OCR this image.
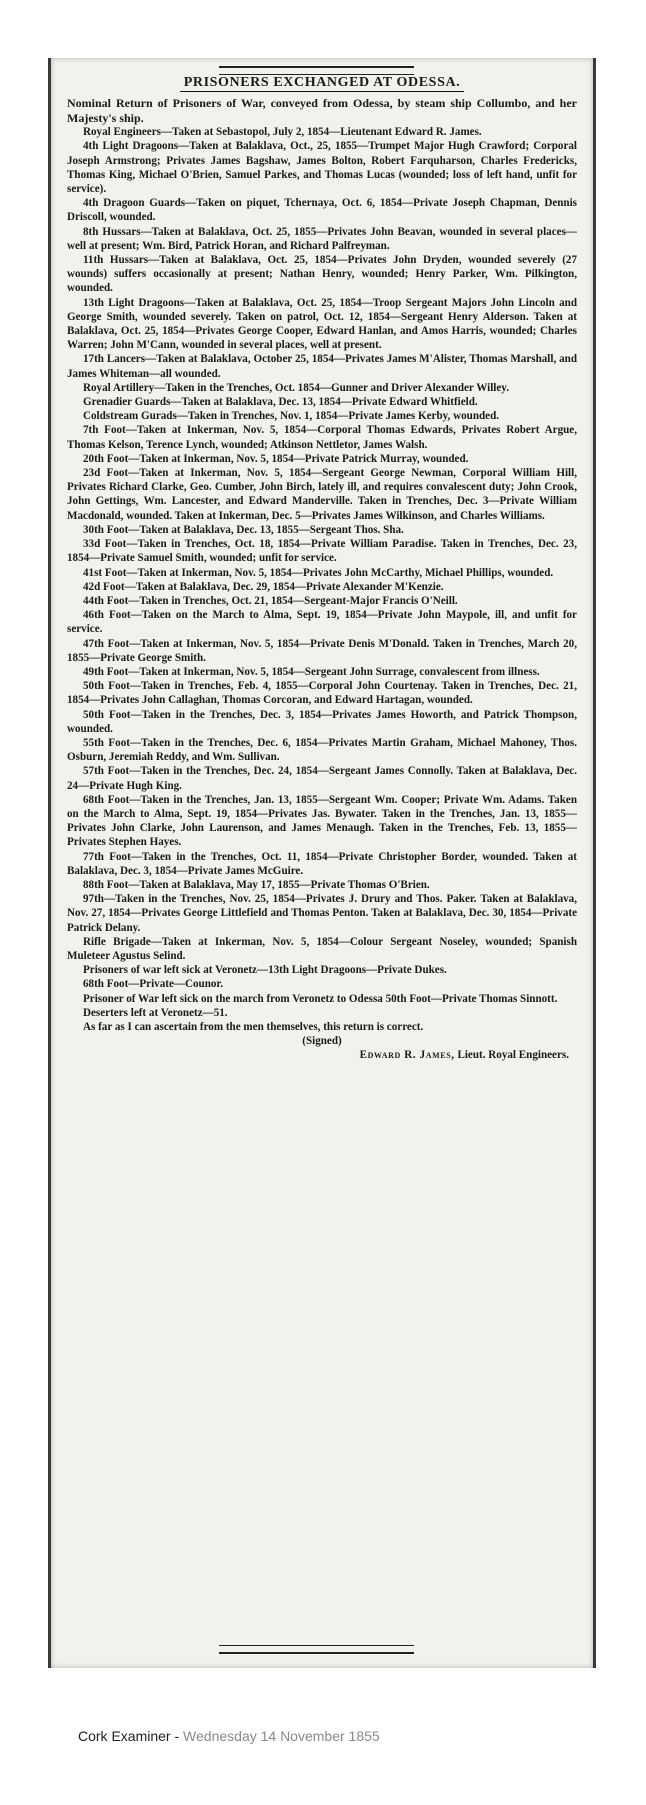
PRISONERS EXCHANGED AT ODESSA.

Nominal Return of Prisoners of War, conveyed from Odessa, by steam ship Collumbo, and her Majesty's ship.

Royal Engineers—Taken at Sebastopol, July 2, 1854—Lieutenant Edward R. James.

4th Light Dragoons—Taken at Balaklava, Oct., 25, 1855—Trumpet Major Hugh Crawford; Corporal Joseph Armstrong; Privates James Bagshaw, James Bolton, Robert Farquharson, Charles Fredericks, Thomas King, Michael O'Brien, Samuel Parkes, and Thomas Lucas (wounded; loss of left hand, unfit for service).

4th Dragoon Guards—Taken on piquet, Tchernaya, Oct. 6, 1854—Private Joseph Chapman, Dennis Driscoll, wounded.

8th Hussars—Taken at Balaklava, Oct. 25, 1855—Privates John Beavan, wounded in several places—well at present; Wm. Bird, Patrick Horan, and Richard Palfreyman.

11th Hussars—Taken at Balaklava, Oct. 25, 1854—Privates John Dryden, wounded severely (27 wounds) suffers occasionally at present; Nathan Henry, wounded; Henry Parker, Wm. Pilkington, wounded.

13th Light Dragoons—Taken at Balaklava, Oct. 25, 1854—Troop Sergeant Majors John Lincoln and George Smith, wounded severely. Taken on patrol, Oct. 12, 1854—Sergeant Henry Alderson. Taken at Balaklava, Oct. 25, 1854—Privates George Cooper, Edward Hanlan, and Amos Harris, wounded; Charles Warren; John M'Cann, wounded in several places, well at present.

17th Lancers—Taken at Balaklava, October 25, 1854—Privates James M'Alister, Thomas Marshall, and James Whiteman—all wounded.

Royal Artillery—Taken in the Trenches, Oct. 1854—Gunner and Driver Alexander Willey.

Grenadier Guards—Taken at Balaklava, Dec. 13, 1854—Private Edward Whitfield.

Coldstream Gurads—Taken in Trenches, Nov. 1, 1854—Private James Kerby, wounded.

7th Foot—Taken at Inkerman, Nov. 5, 1854—Corporal Thomas Edwards, Privates Robert Argue, Thomas Kelson, Terence Lynch, wounded; Atkinson Nettletor, James Walsh.

20th Foot—Taken at Inkerman, Nov. 5, 1854—Private Patrick Murray, wounded.

23d Foot—Taken at Inkerman, Nov. 5, 1854—Sergeant George Newman, Corporal William Hill, Privates Richard Clarke, Geo. Cumber, John Birch, lately ill, and requires convalescent duty; John Crook, John Gettings, Wm. Lancester, and Edward Manderville. Taken in Trenches, Dec. 3—Private William Macdonald, wounded. Taken at Inkerman, Dec. 5—Privates James Wilkinson, and Charles Williams.

30th Foot—Taken at Balaklava, Dec. 13, 1855—Sergeant Thos. Sha.

33d Foot—Taken in Trenches, Oct. 18, 1854—Private William Paradise. Taken in Trenches, Dec. 23, 1854—Private Samuel Smith, wounded; unfit for service.

41st Foot—Taken at Inkerman, Nov. 5, 1854—Privates John McCarthy, Michael Phillips, wounded.

42d Foot—Taken at Balaklava, Dec. 29, 1854—Private Alexander M'Kenzie.

44th Foot—Taken in Trenches, Oct. 21, 1854—Sergeant-Major Francis O'Neill.

46th Foot—Taken on the March to Alma, Sept. 19, 1854—Private John Maypole, ill, and unfit for service.

47th Foot—Taken at Inkerman, Nov. 5, 1854—Private Denis M'Donald. Taken in Trenches, March 20, 1855—Private George Smith.

49th Foot—Taken at Inkerman, Nov. 5, 1854—Sergeant John Surrage, convalescent from illness.

50th Foot—Taken in Trenches, Feb. 4, 1855—Corporal John Courtenay. Taken in Trenches, Dec. 21, 1854—Privates John Callaghan, Thomas Corcoran, and Edward Hartagan, wounded.

50th Foot—Taken in the Trenches, Dec. 3, 1854—Privates James Howorth, and Patrick Thompson, wounded.

55th Foot—Taken in the Trenches, Dec. 6, 1854—Privates Martin Graham, Michael Mahoney, Thos. Osburn, Jeremiah Reddy, and Wm. Sullivan.

57th Foot—Taken in the Trenches, Dec. 24, 1854—Sergeant James Connolly. Taken at Balaklava, Dec. 24—Private Hugh King.

68th Foot—Taken in the Trenches, Jan. 13, 1855—Sergeant Wm. Cooper; Private Wm. Adams. Taken on the March to Alma, Sept. 19, 1854—Privates Jas. Bywater. Taken in the Trenches, Jan. 13, 1855—Privates John Clarke, John Laurenson, and James Menaugh. Taken in the Trenches, Feb. 13, 1855—Privates Stephen Hayes.

77th Foot—Taken in the Trenches, Oct. 11, 1854—Private Christopher Border, wounded. Taken at Balaklava, Dec. 3, 1854—Private James McGuire.

88th Foot—Taken at Balaklava, May 17, 1855—Private Thomas O'Brien.

97th—Taken in the Trenches, Nov. 25, 1854—Privates J. Drury and Thos. Paker. Taken at Balaklava, Nov. 27, 1854—Privates George Littlefield and Thomas Penton. Taken at Balaklava, Dec. 30, 1854—Private Patrick Delany.

Rifle Brigade—Taken at Inkerman, Nov. 5, 1854—Colour Sergeant Noseley, wounded; Spanish Muleteer Agustus Selind.

Prisoners of war left sick at Veronetz—13th Light Dragoons—Private Dukes.

68th Foot—Private—Counor.

Prisoner of War left sick on the march from Veronetz to Odessa 50th Foot—Private Thomas Sinnott.

Deserters left at Veronetz—51.

As far as I can ascertain from the men themselves, this return is correct.

(Signed)

Edward R. James, Lieut. Royal Engineers.

Cork Examiner - Wednesday 14 November 1855
